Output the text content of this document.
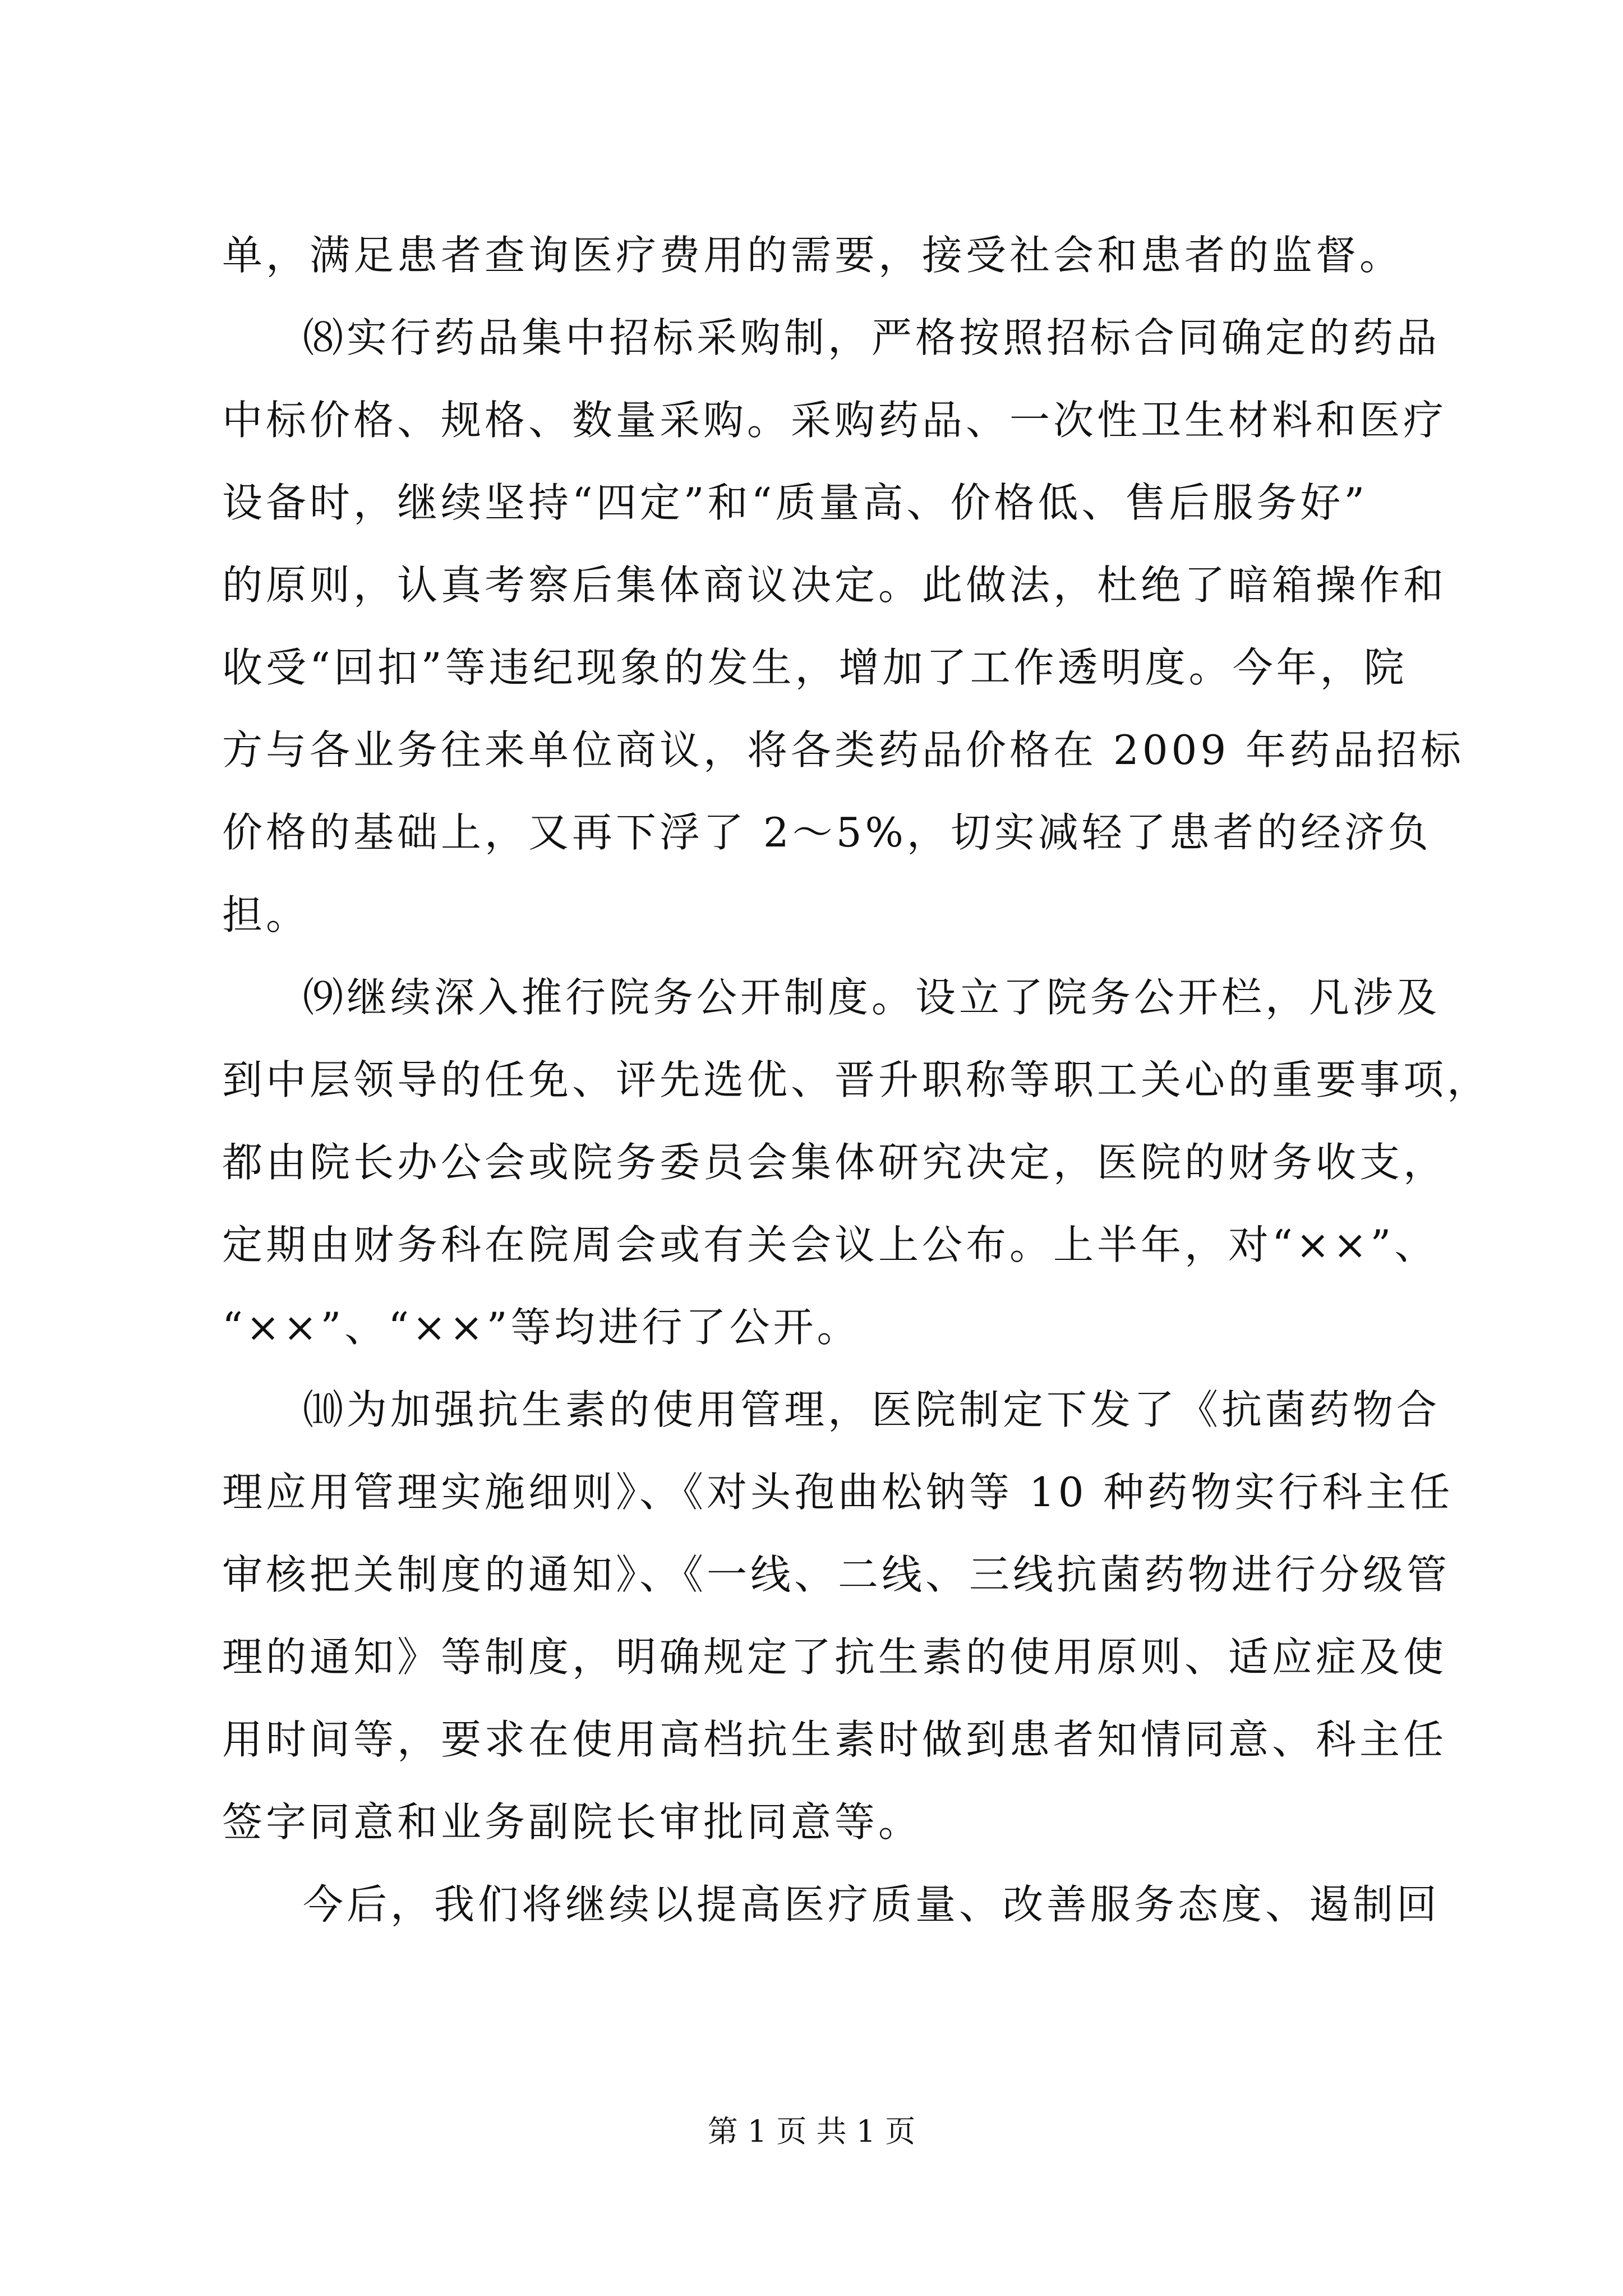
单，满足患者查询医疗费用的需要，接受社会和患者的监督。
⑻实行药品集中招标采购制，严格按照招标合同确定的药品
中标价格、规格、数量采购。采购药品、一次性卫生材料和医疗
设备时，继续坚持“四定”和“质量高、价格低、售后服务好”
的原则，认真考察后集体商议决定。此做法，杜绝了暗箱操作和
收受“回扣”等违纪现象的发生，增加了工作透明度。今年，院
方与各业务往来单位商议，将各类药品价格在 2009 年药品招标
价格的基础上，又再下浮了 2～5%，切实减轻了患者的经济负
担。
⑼继续深入推行院务公开制度。设立了院务公开栏，凡涉及
到中层领导的任免、评先选优、晋升职称等职工关心的重要事项，
都由院长办公会或院务委员会集体研究决定，医院的财务收支，
定期由财务科在院周会或有关会议上公布。上半年，对“××”、
“××”、“××”等均进行了公开。
⑽为加强抗生素的使用管理，医院制定下发了《抗菌药物合
理应用管理实施细则》、《对头孢曲松钠等 10 种药物实行科主任
审核把关制度的通知》、《一线、二线、三线抗菌药物进行分级管
理的通知》等制度，明确规定了抗生素的使用原则、适应症及使
用时间等，要求在使用高档抗生素时做到患者知情同意、科主任
签字同意和业务副院长审批同意等。
今后，我们将继续以提高医疗质量、改善服务态度、遏制回
第 1 页 共 1 页
